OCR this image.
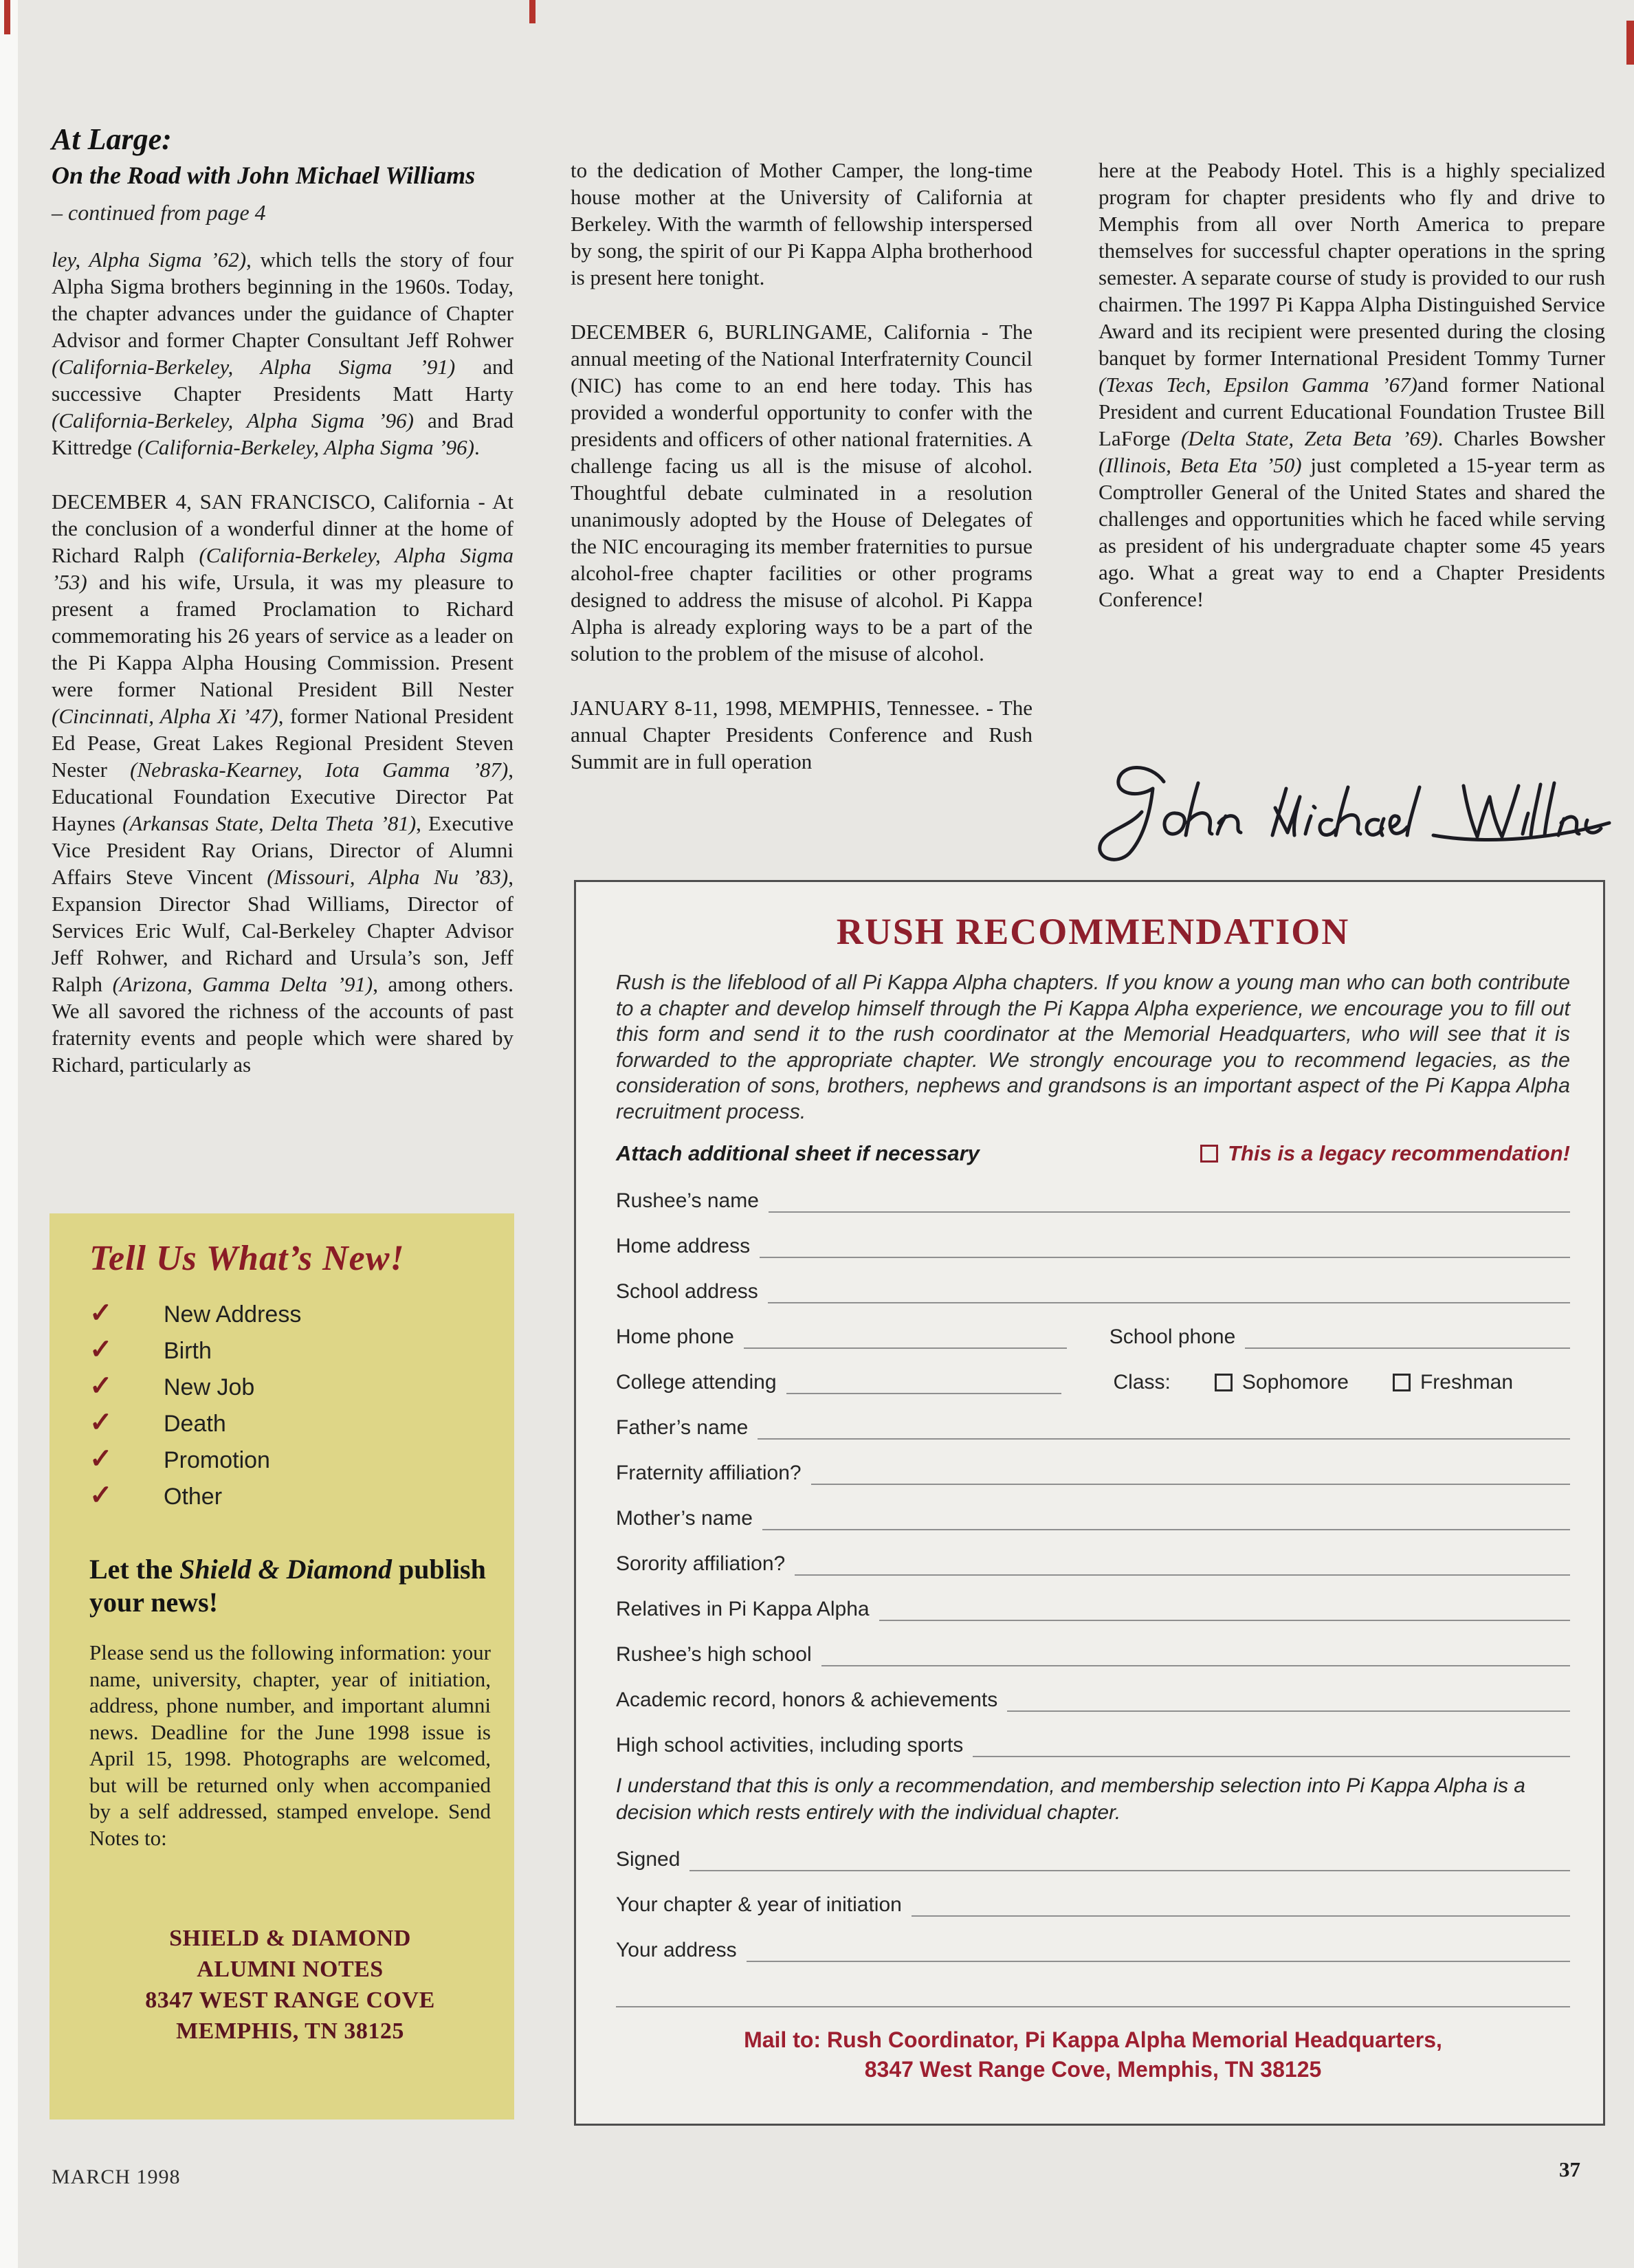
At Large:
On the Road with John Michael Williams
– continued from page 4

ley, Alpha Sigma ’62), which tells the story of four Alpha Sigma brothers beginning in the 1960s. Today, the chapter advances under the guidance of Chapter Advisor and former Chapter Consultant Jeff Rohwer (California-Berkeley, Alpha Sigma ’91) and successive Chapter Presidents Matt Harty (California-Berkeley, Alpha Sigma ’96) and Brad Kittredge (California-Berkeley, Alpha Sigma ’96).

DECEMBER 4, SAN FRANCISCO, California - At the conclusion of a wonderful dinner at the home of Richard Ralph (California-Berkeley, Alpha Sigma ’53) and his wife, Ursula, it was my pleasure to present a framed Proclamation to Richard commemorating his 26 years of service as a leader on the Pi Kappa Alpha Housing Commission. Present were former National President Bill Nester (Cincinnati, Alpha Xi ’47), former National President Ed Pease, Great Lakes Regional President Steven Nester (Nebraska-Kearney, Iota Gamma ’87), Educational Foundation Executive Director Pat Haynes (Arkansas State, Delta Theta ’81), Executive Vice President Ray Orians, Director of Alumni Affairs Steve Vincent (Missouri, Alpha Nu ’83), Expansion Director Shad Williams, Director of Services Eric Wulf, Cal-Berkeley Chapter Advisor Jeff Rohwer, and Richard and Ursula’s son, Jeff Ralph (Arizona, Gamma Delta ’91), among others. We all savored the richness of the accounts of past fraternity events and people which were shared by Richard, particularly as

to the dedication of Mother Camper, the long-time house mother at the University of California at Berkeley. With the warmth of fellowship interspersed by song, the spirit of our Pi Kappa Alpha brotherhood is present here tonight.

DECEMBER 6, BURLINGAME, California - The annual meeting of the National Interfraternity Council (NIC) has come to an end here today. This has provided a wonderful opportunity to confer with the presidents and officers of other national fraternities. A challenge facing us all is the misuse of alcohol. Thoughtful debate culminated in a resolution unanimously adopted by the House of Delegates of the NIC encouraging its member fraternities to pursue alcohol-free chapter facilities or other programs designed to address the misuse of alcohol. Pi Kappa Alpha is already exploring ways to be a part of the solution to the problem of the misuse of alcohol.

JANUARY 8-11, 1998, MEMPHIS, Tennessee. - The annual Chapter Presidents Conference and Rush Summit are in full operation

here at the Peabody Hotel. This is a highly specialized program for chapter presidents who fly and drive to Memphis from all over North America to prepare themselves for successful chapter operations in the spring semester. A separate course of study is provided to our rush chairmen. The 1997 Pi Kappa Alpha Distinguished Service Award and its recipient were presented during the closing banquet by former International President Tommy Turner (Texas Tech, Epsilon Gamma ’67)and former National President and current Educational Foundation Trustee Bill LaForge (Delta State, Zeta Beta ’69). Charles Bowsher (Illinois, Beta Eta ’50) just completed a 15-year term as Comptroller General of the United States and shared the challenges and opportunities which he faced while serving as president of his undergraduate chapter some 45 years ago. What a great way to end a Chapter Presidents Conference!

RUSH RECOMMENDATION
Rush is the lifeblood of all Pi Kappa Alpha chapters. If you know a young man who can both contribute to a chapter and develop himself through the Pi Kappa Alpha experience, we encourage you to fill out this form and send it to the rush coordinator at the Memorial Headquarters, who will see that it is forwarded to the appropriate chapter. We strongly encourage you to recommend legacies, as the consideration of sons, brothers, nephews and grandsons is an important aspect of the Pi Kappa Alpha recruitment process.
Attach additional sheet if necessary	This is a legacy recommendation!
Rushee’s name
Home address
School address
Home phone	School phone
College attending	Class:	Sophomore	Freshman
Father’s name
Fraternity affiliation?
Mother’s name
Sorority affiliation?
Relatives in Pi Kappa Alpha
Rushee’s high school
Academic record, honors & achievements
High school activities, including sports
I understand that this is only a recommendation, and membership selection into Pi Kappa Alpha is a decision which rests entirely with the individual chapter.
Signed
Your chapter & year of initiation
Your address
Mail to: Rush Coordinator, Pi Kappa Alpha Memorial Headquarters,
8347 West Range Cove, Memphis, TN 38125
Tell Us What’s New!
✓	New Address
✓	Birth
✓	New Job
✓	Death
✓	Promotion
✓	Other
Let the Shield & Diamond publish your news!
Please send us the following information: your name, university, chapter, year of initiation, address, phone number, and important alumni news. Deadline for the June 1998 issue is April 15, 1998. Photographs are welcomed, but will be returned only when accompanied by a self addressed, stamped envelope. Send Notes to:
SHIELD & DIAMOND
ALUMNI NOTES
8347 WEST RANGE COVE
MEMPHIS, TN 38125
MARCH 1998	37
